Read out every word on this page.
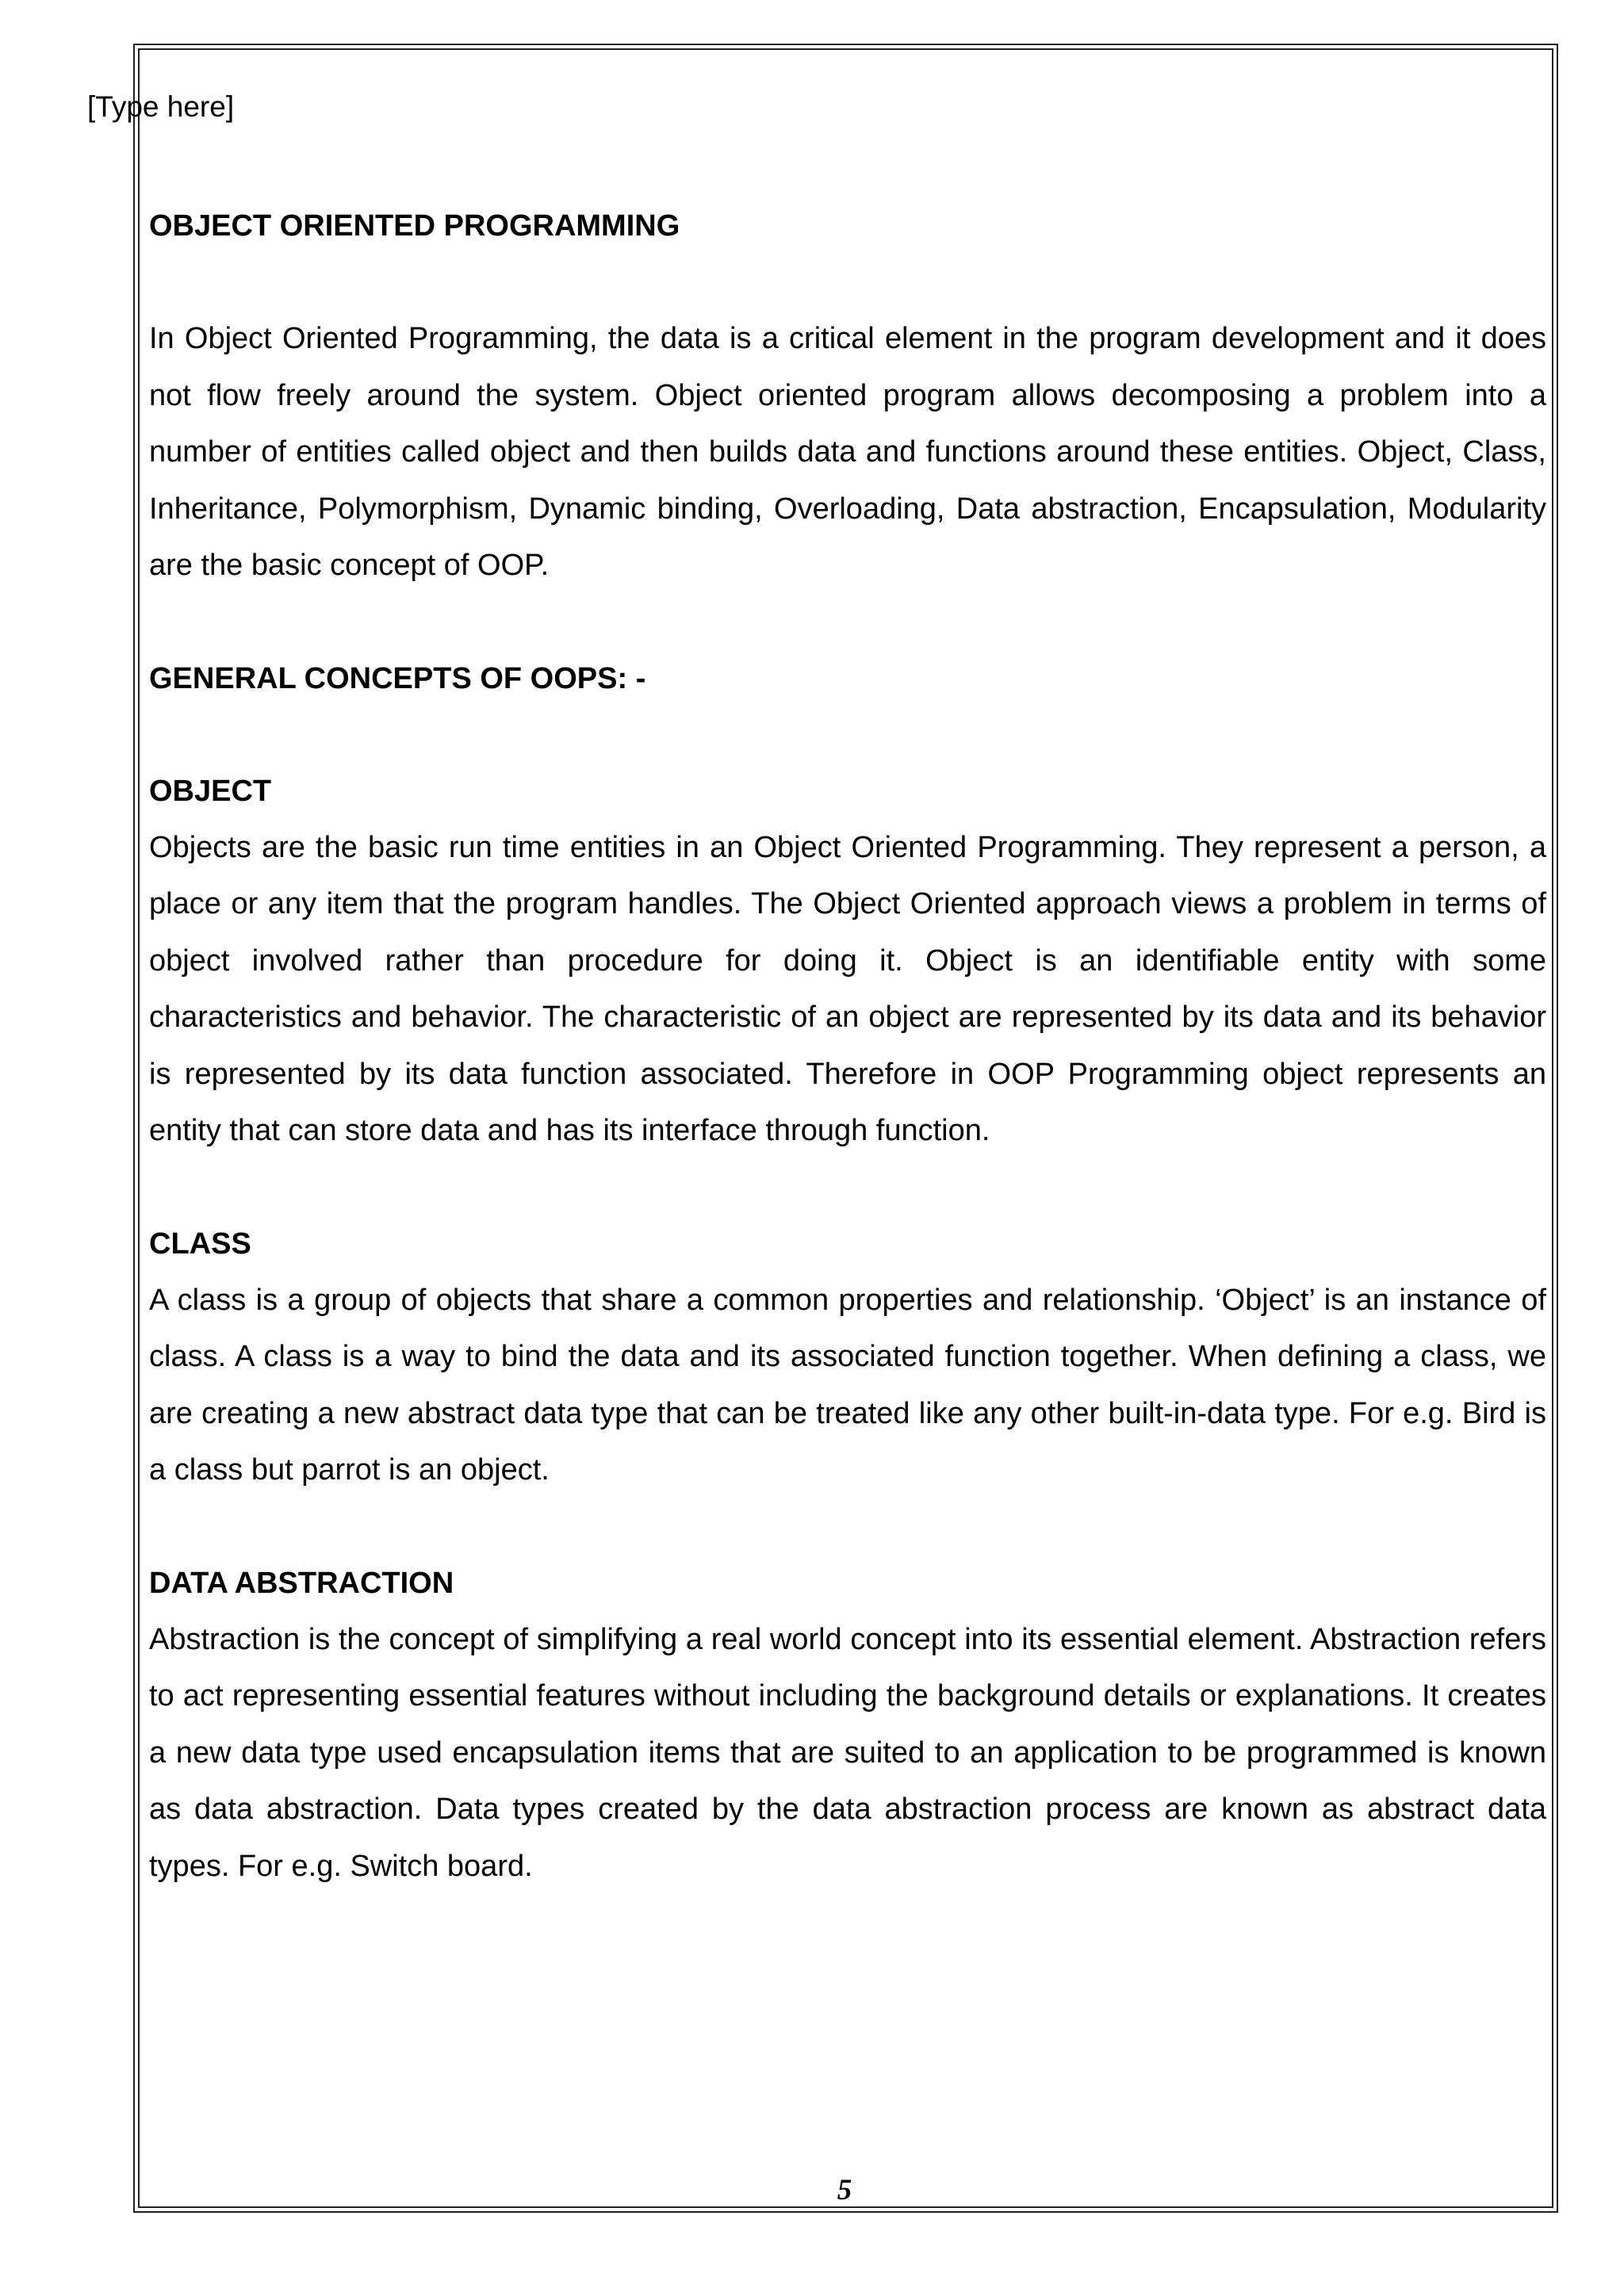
[Type here]

OBJECT ORIENTED PROGRAMMING

In Object Oriented Programming, the data is a critical element in the program development and it does not flow freely around the system. Object oriented program allows decomposing a problem into a number of entities called object and then builds data and functions around these entities. Object, Class, Inheritance, Polymorphism, Dynamic binding, Overloading, Data abstraction, Encapsulation, Modularity are the basic concept of OOP.

GENERAL CONCEPTS OF OOPS: -

OBJECT

Objects are the basic run time entities in an Object Oriented Programming. They represent a person, a place or any item that the program handles. The Object Oriented approach views a problem in terms of object involved rather than procedure for doing it. Object is an identifiable entity with some characteristics and behavior. The characteristic of an object are represented by its data and its behavior is represented by its data function associated. Therefore in OOP Programming object represents an entity that can store data and has its interface through function.

CLASS

A class is a group of objects that share a common properties and relationship. ‘Object’ is an instance of class. A class is a way to bind the data and its associated function together. When defining a class, we are creating a new abstract data type that can be treated like any other built-in-data type. For e.g. Bird is a class but parrot is an object.

DATA ABSTRACTION

Abstraction is the concept of simplifying a real world concept into its essential element. Abstraction refers to act representing essential features without including the background details or explanations. It creates a new data type used encapsulation items that are suited to an application to be programmed is known as data abstraction. Data types created by the data abstraction process are known as abstract data types. For e.g. Switch board.

5
